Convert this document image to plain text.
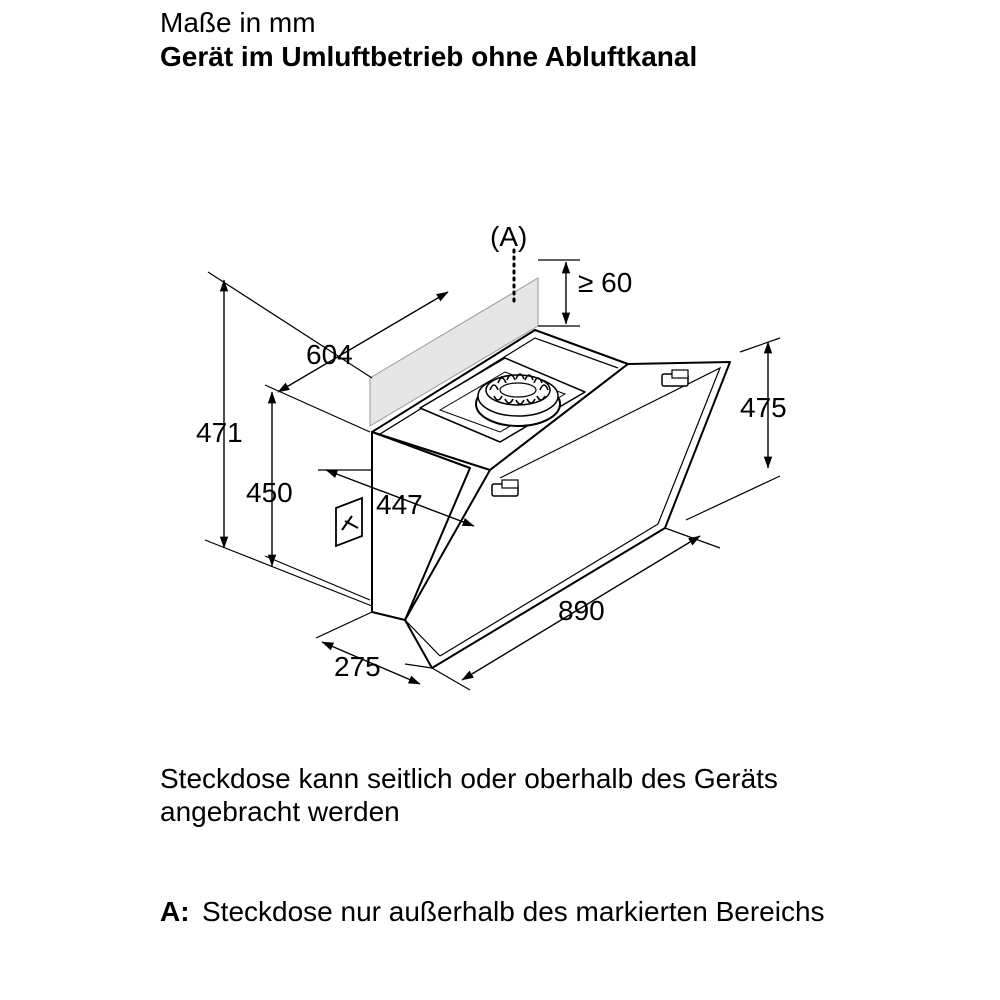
Maße in mm
Gerät im Umluftbetrieb ohne Abluftkanal
(A)
≥ 60
604
471
450	447
475
890
275
Steckdose kann seitlich oder oberhalb des Geräts angebracht werden
A: Steckdose nur außerhalb des markierten Bereichs
